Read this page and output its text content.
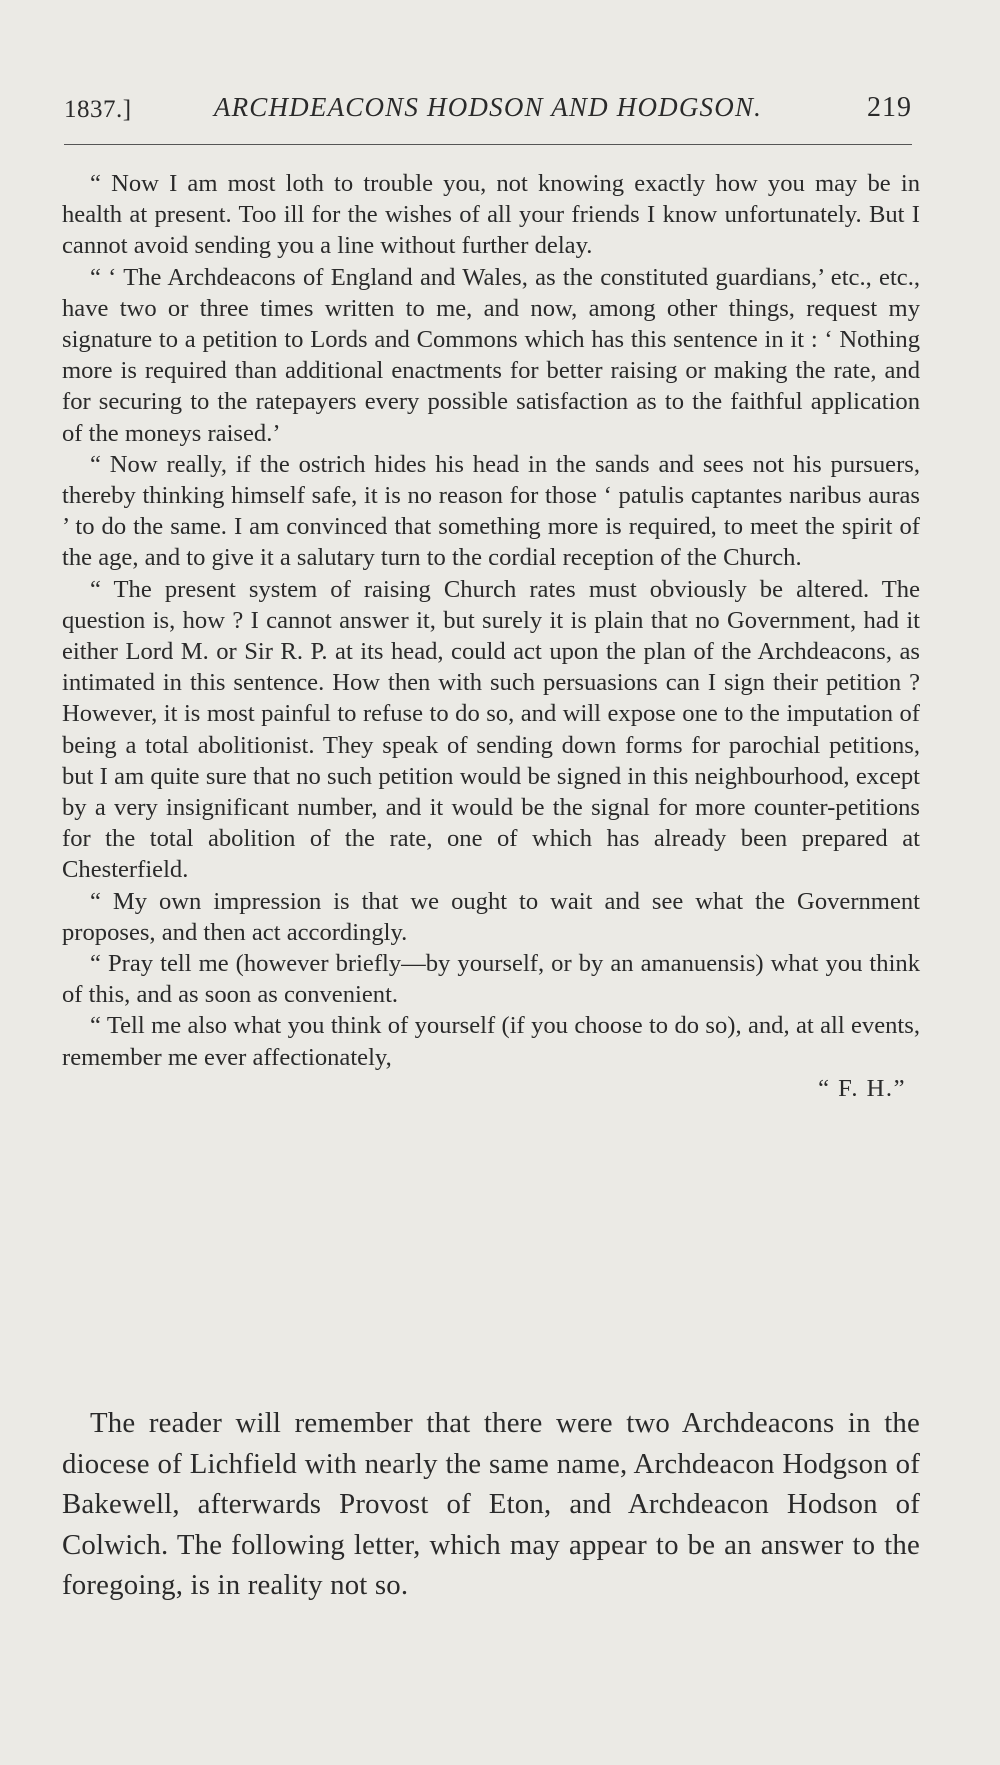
1837.]	ARCHDEACONS HODSON AND HODGSON.	219

“ Now I am most loth to trouble you, not knowing exactly how you may be in health at present. Too ill for the wishes of all your friends I know unfortunately. But I cannot avoid sending you a line without further delay.

“ ‘ The Archdeacons of England and Wales, as the constituted guardians,’ etc., etc., have two or three times written to me, and now, among other things, request my signature to a petition to Lords and Commons which has this sentence in it : ‘ Nothing more is required than additional enactments for better raising or making the rate, and for securing to the ratepayers every possible satisfaction as to the faithful application of the moneys raised.’

“ Now really, if the ostrich hides his head in the sands and sees not his pursuers, thereby thinking himself safe, it is no reason for those ‘ patulis captantes naribus auras ’ to do the same. I am convinced that something more is required, to meet the spirit of the age, and to give it a salutary turn to the cordial reception of the Church.

“ The present system of raising Church rates must obviously be altered. The question is, how ? I cannot answer it, but surely it is plain that no Government, had it either Lord M. or Sir R. P. at its head, could act upon the plan of the Archdeacons, as intimated in this sentence. How then with such persuasions can I sign their petition ? However, it is most painful to refuse to do so, and will expose one to the imputation of being a total abolitionist. They speak of sending down forms for parochial petitions, but I am quite sure that no such petition would be signed in this neighbourhood, except by a very insignificant number, and it would be the signal for more counter-petitions for the total abolition of the rate, one of which has already been prepared at Chesterfield.

“ My own impression is that we ought to wait and see what the Government proposes, and then act accordingly.

“ Pray tell me (however briefly—by yourself, or by an amanuensis) what you think of this, and as soon as convenient.

“ Tell me also what you think of yourself (if you choose to do so), and, at all events, remember me ever affectionately,

“ F. H.”

The reader will remember that there were two Archdeacons in the diocese of Lichfield with nearly the same name, Archdeacon Hodgson of Bakewell, afterwards Provost of Eton, and Archdeacon Hodson of Colwich. The following letter, which may appear to be an answer to the foregoing, is in reality not so.
